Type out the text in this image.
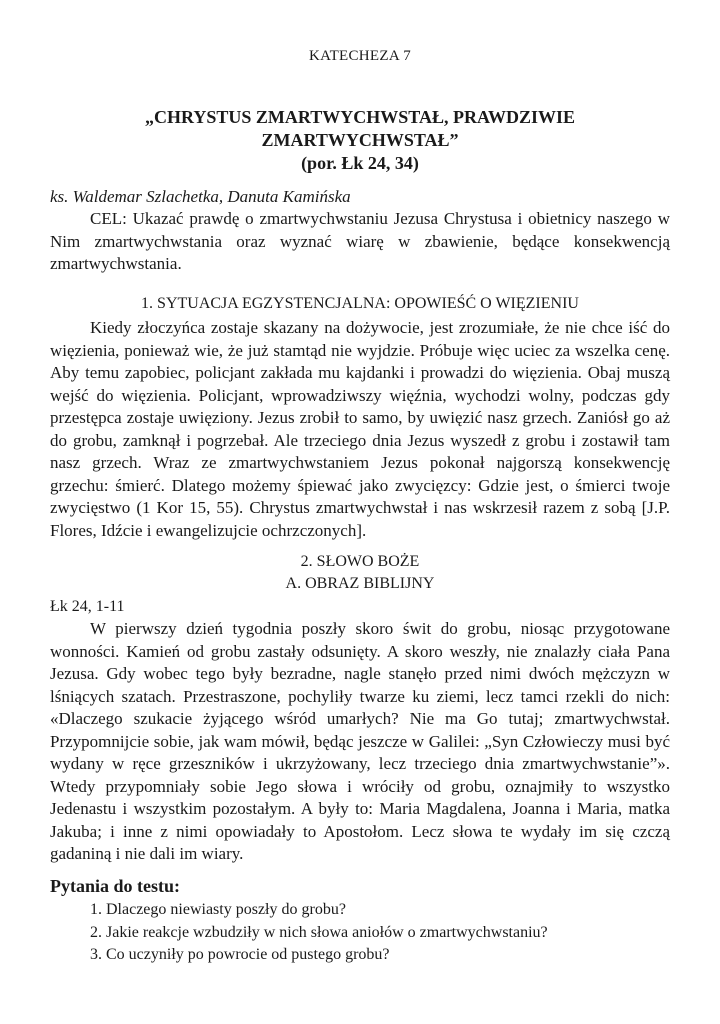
KATECHEZA 7
„CHRYSTUS ZMARTWYCHWSTAŁ, PRAWDZIWIE
ZMARTWYCHWSTAŁ”
(por. Łk 24, 34)
ks. Waldemar Szlachetka, Danuta Kamińska

CEL: Ukazać prawdę o zmartwychwstaniu Jezusa Chrystusa i obietnicy naszego w Nim zmartwychwstania oraz wyznać wiarę w zbawienie, będące konsekwencją zmartwychwstania.

1. SYTUACJA EGZYSTENCJALNA: OPOWIEŚĆ O WIĘZIENIU

Kiedy złoczyńca zostaje skazany na dożywocie, jest zrozumiałe, że nie chce iść do więzienia, ponieważ wie, że już stamtąd nie wyjdzie. Próbuje więc uciec za wszelka cenę. Aby temu zapobiec, policjant zakłada mu kajdanki i prowadzi do więzienia. Obaj muszą wejść do więzienia. Policjant, wprowadziwszy więźnia, wychodzi wolny, podczas gdy przestępca zostaje uwięziony. Jezus zrobił to samo, by uwięzić nasz grzech. Zaniósł go aż do grobu, zamknął i pogrzebał. Ale trzeciego dnia Jezus wyszedł z grobu i zostawił tam nasz grzech. Wraz ze zmartwychwstaniem Jezus pokonał najgorszą konsekwencję grzechu: śmierć. Dlatego możemy śpiewać jako zwycięzcy: Gdzie jest, o śmierci twoje zwycięstwo (1 Kor 15, 55). Chrystus zmartwychwstał i nas wskrzesił razem z sobą [J.P. Flores, Idźcie i ewangelizujcie ochrzczonych].

2. SŁOWO BOŻE
A. OBRAZ BIBLIJNY
Łk 24, 1-11

W pierwszy dzień tygodnia poszły skoro świt do grobu, niosąc przygotowane wonności. Kamień od grobu zastały odsunięty. A skoro weszły, nie znalazły ciała Pana Jezusa. Gdy wobec tego były bezradne, nagle stanęło przed nimi dwóch mężczyzn w lśniących szatach. Przestraszone, pochyliły twarze ku ziemi, lecz tamci rzekli do nich: «Dlaczego szukacie żyjącego wśród umarłych? Nie ma Go tutaj; zmartwychwstał. Przypomnijcie sobie, jak wam mówił, będąc jeszcze w Galilei: „Syn Człowieczy musi być wydany w ręce grzeszników i ukrzyżowany, lecz trzeciego dnia zmartwychwstanie”». Wtedy przypomniały sobie Jego słowa i wróciły od grobu, oznajmiły to wszystko Jedenastu i wszystkim pozostałym. A były to: Maria Magdalena, Joanna i Maria, matka Jakuba; i inne z nimi opowiadały to Apostołom. Lecz słowa te wydały im się czczą gadaniną i nie dali im wiary.

Pytania do testu:
1. Dlaczego niewiasty poszły do grobu?
2. Jakie reakcje wzbudziły w nich słowa aniołów o zmartwychwstaniu?
3. Co uczyniły po powrocie od pustego grobu?
